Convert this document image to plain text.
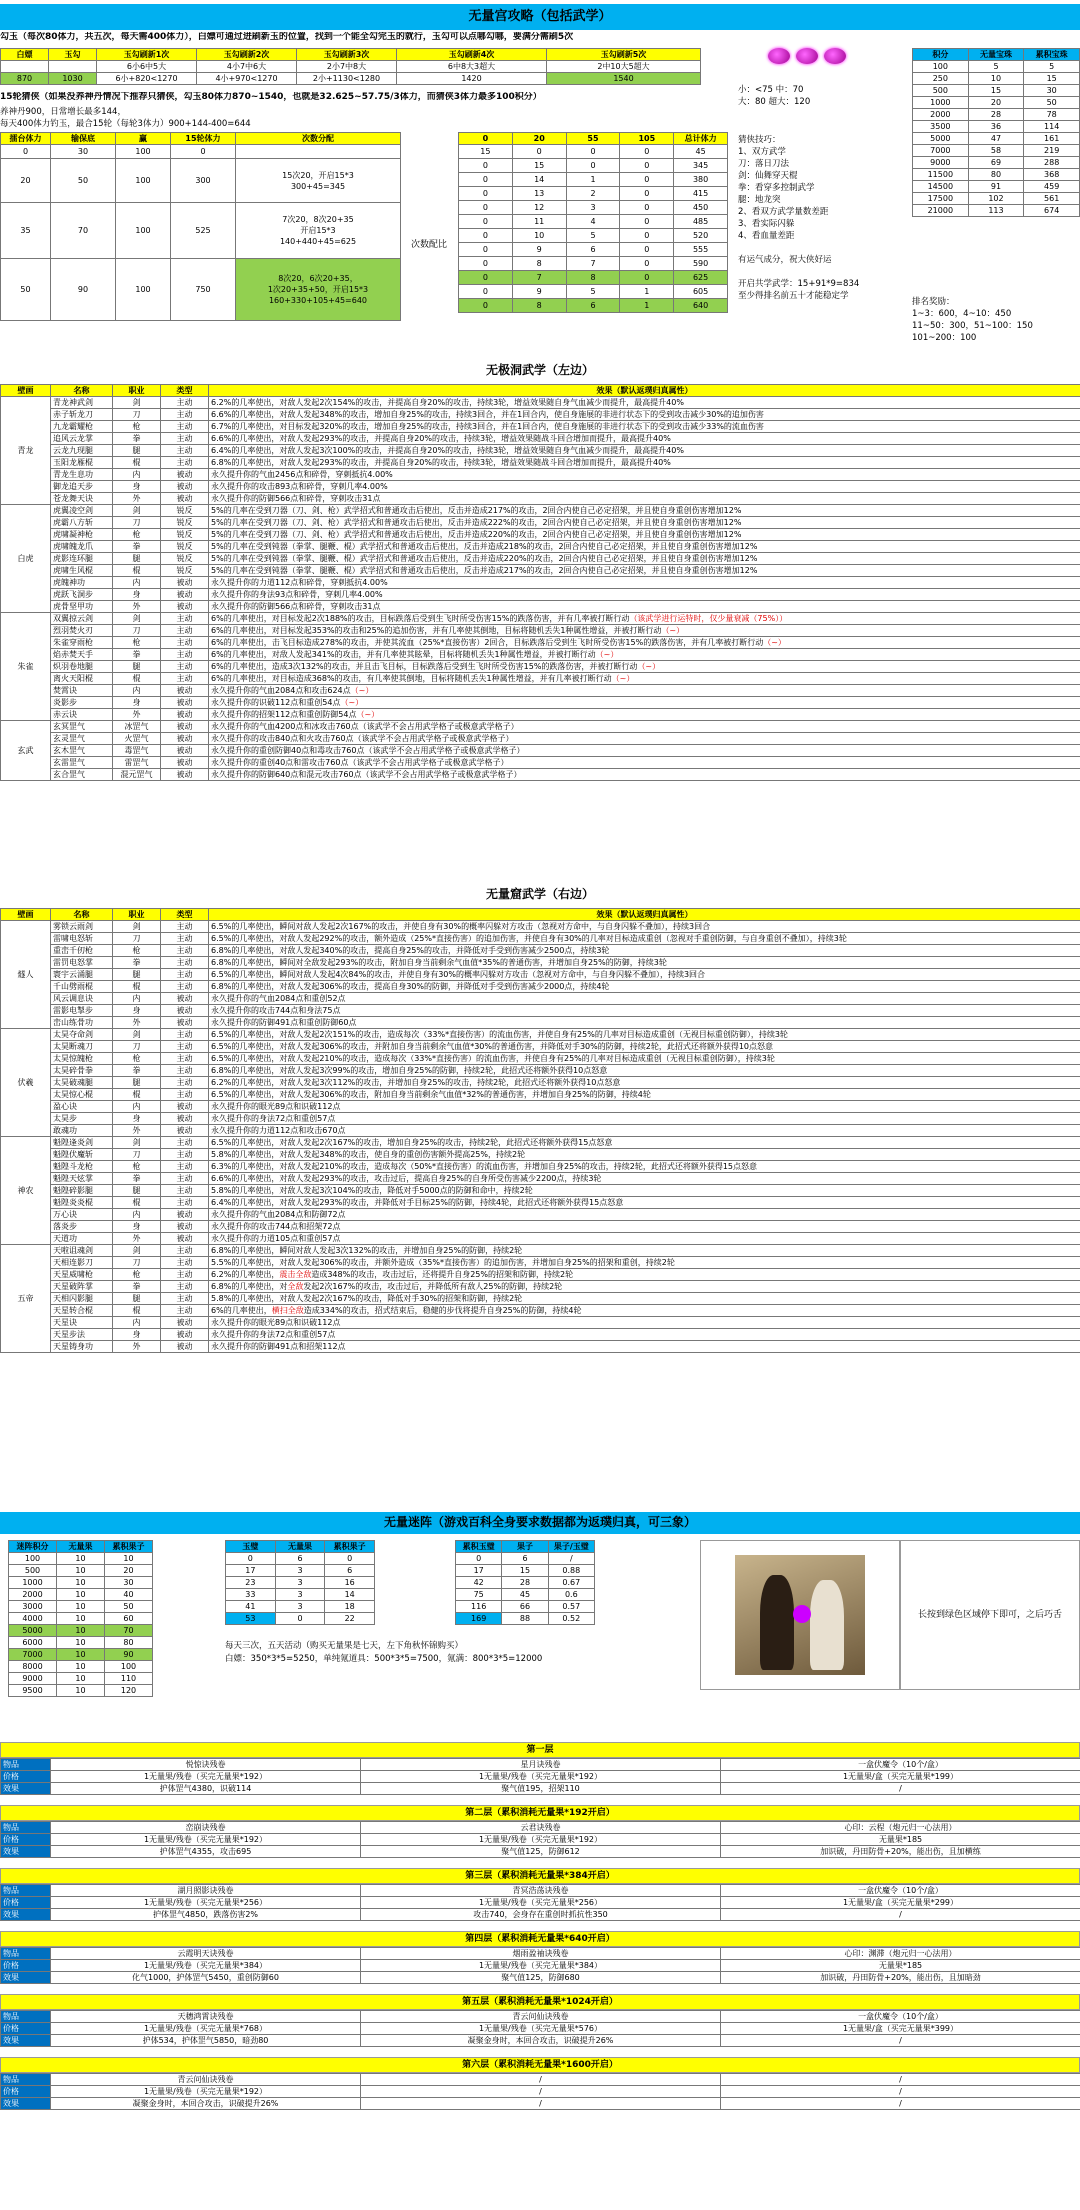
无量宫攻略（包括武学）
勾玉（每次80体力，共五次，每天需400体力），白嫖可通过进刷新玉的位置，找到一个能全勾完玉的就行，玉勾可以点哪勾哪，要满分需刷5次
白嫖	玉勾	玉勾刷新1次	玉勾刷新2次	玉勾刷新3次	玉勾刷新4次	玉勾刷新5次
		6小6中5大	4小7中6大	2小7中8大	6中8大3超大	2中10大5超大
870	1030	6小+820<1270	4小+970<1270	2小+1130<1280	1420	1540
小：<75 中：70
大：80 超大：120
积分	无量宝珠	累积宝珠
100	5	5
250	10	15
500	15	30
1000	20	50
2000	28	78
3500	36	114
5000	47	161
7000	58	219
9000	69	288
11500	80	368
14500	91	459
17500	102	561
21000	113	674
排名奖励：
1~3：600，4~10：450
11~50：300，51~100：150
101~200：100
15轮猜侠（如果没养神丹情况下推荐只猜侠，勾玉80体力870~1540，也就是32.625~57.75/3体力，而猜侠3体力最多100积分）
养神丹900，日常增长最多144，
每天400体力钓玉，最合15轮（每轮3体力）900+144-400=644
擂台体力	输保底	赢	15轮体力	次数分配
0	30	100	0	
20	50	100	300	15次20，开启15*3
300+45=345
35	70	100	525	7次20，8次20+35
开启15*3
140+440+45=625
50	90	100	750	8次20，6次20+35，
1次20+35+50，开启15*3
160+330+105+45=640
次数配比
0	20	55	105	总计体力
15	0	0	0	45
0	15	0	0	345
0	14	1	0	380
0	13	2	0	415
0	12	3	0	450
0	11	4	0	485
0	10	5	0	520
0	9	6	0	555
0	8	7	0	590
0	7	8	0	625
0	9	5	1	605
0	8	6	1	640
猜侠技巧：
1、双方武学
刀：落日刀法
剑：仙舞穿天棍
拳：看穿多控制武学
腿：地龙突
2、看双方武学量数差距
3、看实际闪躲
4、看血量差距

有运气成分，祝大侠好运

开启共学武学：15+91*9=834
至少得排名前五十才能稳定学
无极洞武学（左边）
壁画	名称	职业	类型	效果（默认返璞归真属性）
青龙	青龙神武剑	剑	主动	6.2%的几率使出，对敌人发起2次154%的攻击，并提高自身20%的攻击，持续3轮，增益效果随自身气血减少而提升，最高提升40%
	赤子斩龙刀	刀	主动	6.6%的几率使出，对敌人发起348%的攻击，增加自身25%的攻击，持续3回合，并在1回合内，使自身施展的非进行状态下的受到攻击减少30%的追加伤害
	九龙霸耀枪	枪	主动	6.7%的几率使出，对目标发起320%的攻击，增加自身25%的攻击，持续3回合，并在1回合内，使自身施展的非进行状态下的受到攻击减少33%的流血伤害
	追风云龙掌	拳	主动	6.6%的几率使出，对敌人发起293%的攻击，并提高自身20%的攻击，持续3轮，增益效果随战斗回合增加而提升，最高提升40%
	云龙九现腿	腿	主动	6.4%的几率使出，对敌人发起3次100%的攻击，并提高自身20%的攻击，持续3轮，增益效果随自身气血减少而提升，最高提升40%
	玉阳龙雁棍	棍	主动	6.8%的几率使出，对敌人发起293%的攻击，并提高自身20%的攻击，持续3轮，增益效果随战斗回合增加而提升，最高提升40%
	青龙生息功	内	被动	永久提升你的气血2456点和碎骨，穿刺抵抗4.00%
	御龙追天步	身	被动	永久提升你的攻击893点和碎骨，穿刺几率4.00%
	苍龙舞天诀	外	被动	永久提升你的防御566点和碎骨，穿刺攻击31点
白虎	虎翼凌空剑	剑	锐反	5%的几率在受到刀器（刀、剑、枪）武学招式和普通攻击后使出，反击并造成217%的攻击，2回合内使自己必定招架，并且使自身重创伤害增加12%
	虎霸八方斩	刀	锐反	5%的几率在受到刀器（刀、剑、枪）武学招式和普通攻击后使出，反击并造成222%的攻击，2回合内使自己必定招架，并且使自身重创伤害增加12%
	虎啸凝神枪	枪	锐反	5%的几率在受到刀器（刀、剑、枪）武学招式和普通攻击后使出，反击并造成220%的攻击，2回合内使自己必定招架，并且使自身重创伤害增加12%
	虎啸魄龙爪	拳	锐反	5%的几率在受到钝器（拳掌、腿鞭、棍）武学招式和普通攻击后使出，反击并造成218%的攻击，2回合内使自己必定招架，并且使自身重创伤害增加12%
	虎影连环腿	腿	锐反	5%的几率在受到钝器（拳掌、腿鞭、棍）武学招式和普通攻击后使出，反击并造成220%的攻击，2回合内使自己必定招架，并且使自身重创伤害增加12%
	虎啸生风棍	棍	锐反	5%的几率在受到钝器（拳掌、腿鞭、棍）武学招式和普通攻击后使出，反击并造成217%的攻击，2回合内使自己必定招架，并且使自身重创伤害增加12%
	虎魄神功	内	被动	永久提升你的力道112点和碎骨，穿刺抵抗4.00%
	虎跃飞洞步	身	被动	永久提升你的身法93点和碎骨，穿刺几率4.00%
	虎骨坚甲功	外	被动	永久提升你的防御566点和碎骨，穿刺攻击31点
朱雀	双翼掠云剑	剑	主动	6%的几率使出，对目标发起2次188%的攻击，目标跌落后受到生飞时所受伤害15%的跌落伤害，并有几率被打断行动（该武学进行运特时，仅少量衰减（75%））
	烈羽焚火刃	刀	主动	6%的几率使出，对目标发起353%的攻击和25%的追加伤害，并有几率使其倒地，目标将随机丢失1种属性增益，并被打断行动（~）
	朱雀穿雨枪	枪	主动	6%的几率使出，击飞目标造成278%的攻击，并使其流血（25%*直接伤害）2回合，目标跌落后受到生飞时所受伤害15%的跌落伤害，并有几率被打断行动（~）
	焰赤焚天手	拳	主动	6%的几率使出，对敌人发起341%的攻击，并有几率使其眩晕，目标将随机丢失1种属性增益，并被打断行动（~）
	炽羽卷地腿	腿	主动	6%的几率使出，造成3次132%的攻击，并且击飞目标，目标跌落后受到生飞时所受伤害15%的跌落伤害，并被打断行动（~）
	离火天阳棍	棍	主动	6%的几率使出，对目标造成368%的攻击，有几率使其倒地，目标将随机丢失1种属性增益，并有几率被打断行动（~）
	焚霄诀	内	被动	永久提升你的气血2084点和攻击624点（~）
	炎影步	身	被动	永久提升你的识破112点和重创54点（~）
	赤云诀	外	被动	永久提升你的招架112点和重创防御54点（~）
玄武	玄冥罡气	冰罡气	被动	永久提升你的气血4200点和冰攻击760点（该武学不会占用武学格子或极意武学格子）
	玄灵罡气	火罡气	被动	永久提升你的攻击840点和火攻击760点（该武学不会占用武学格子或极意武学格子）
	玄木罡气	毒罡气	被动	永久提升你的重创防御40点和毒攻击760点（该武学不会占用武学格子或极意武学格子）
	玄雷罡气	雷罡气	被动	永久提升你的重创40点和雷攻击760点（该武学不会占用武学格子或极意武学格子）
	玄合罡气	混元罡气	被动	永久提升你的防御640点和混元攻击760点（该武学不会占用武学格子或极意武学格子）
无量窟武学（右边）
壁画	名称	职业	类型	效果（默认返璞归真属性）
燧人	雾锁云雨剑	剑	主动	6.5%的几率使出，瞬间对敌人发起2次167%的攻击，并使自身有30%的概率闪躲对方攻击（忽视对方命中，与自身闪躲不叠加），持续3回合
	雷啸电怒斩	刀	主动	6.5%的几率使出，对敌人发起292%的攻击，额外造成（25%*直接伤害）的追加伤害，并使自身有30%的几率对目标造成重创（忽视对手重创防御，与自身重创不叠加），持续3轮
	重峦千仞枪	枪	主动	6.8%的几率使出，对敌人发起340%的攻击，提高自身25%的攻击，并降低对手受到伤害减少2500点，持续3轮
	雷罚电怒掌	拳	主动	6.8%的几率使出，瞬间对全敌发起293%的攻击，附加自身当前剩余气血值*35%的普通伤害，并增加自身25%的防御，持续3轮
	寰宇云涌腿	腿	主动	6.5%的几率使出，瞬间对敌人发起4次84%的攻击，并使自身有30%的概率闪躲对方攻击（忽视对方命中，与自身闪躲不叠加），持续3回合
	千山劈雨棍	棍	主动	6.8%的几率使出，对敌人发起306%的攻击，提高自身30%的防御，并降低对手受到伤害减少2000点，持续4轮
	风云调息诀	内	被动	永久提升你的气血2084点和重创52点
	雷影电掣步	身	被动	永久提升你的攻击744点和身法75点
	峦山练骨功	外	被动	永久提升你的防御491点和重创防御60点
伏羲	太昊夺命剑	剑	主动	6.5%的几率使出，对敌人发起2次151%的攻击，造成每次（33%*直接伤害）的流血伤害，并使自身有25%的几率对目标造成重创（无视目标重创防御），持续3轮
	太昊断魂刀	刀	主动	6.5%的几率使出，对敌人发起306%的攻击，并附加自身当前剩余气血值*30%的普通伤害，并降低对手30%的防御，持续2轮，此招式还将额外获得10点怒意
	太昊惊魄枪	枪	主动	6.5%的几率使出，对敌人发起210%的攻击，造成每次（33%*直接伤害）的流血伤害，并使自身有25%的几率对目标造成重创（无视目标重创防御），持续3轮
	太昊碎骨拳	拳	主动	6.8%的几率使出，对敌人发起3次99%的攻击，增加自身25%的防御，持续2轮，此招式还将额外获得10点怒意
	太昊破魂腿	腿	主动	6.2%的几率使出，对敌人发起3次112%的攻击，并增加自身25%的攻击，持续2轮，此招式还将额外获得10点怒意
	太昊惊心棍	棍	主动	6.5%的几率使出，对敌人发起306%的攻击，附加自身当前剩余气血值*32%的普通伤害，并增加自身25%的防御，持续4轮
	盈心诀	内	被动	永久提升你的眼光89点和识破112点
	太昊步	身	被动	永久提升你的身法72点和重创57点
	敢魂功	外	被动	永久提升你的力道112点和攻击670点
神农	魁隍逢炎剑	剑	主动	6.5%的几率使出，对敌人发起2次167%的攻击，增加自身25%的攻击，持续2轮，此招式还将额外获得15点怒意
	魁隍伏魔斩	刀	主动	5.8%的几率使出，对敌人发起348%的攻击，使自身的重创伤害额外提高25%，持续2轮
	魁隍斗龙枪	枪	主动	6.3%的几率使出，对敌人发起210%的攻击，造成每次（50%*直接伤害）的流血伤害，并增加自身25%的攻击，持续2轮，此招式还将额外获得15点怒意
	魁隍天炫掌	拳	主动	6.6%的几率使出，对敌人发起293%的攻击，攻击过后，提高自身25%的自身所受伤害减少2200点，持续3轮
	魁隍碎影腿	腿	主动	5.8%的几率使出，对敌人发起3次104%的攻击，降低对手5000点的防御和命中，持续2轮
	魁隍炎炎棍	棍	主动	6.4%的几率使出，对敌人发起293%的攻击，并降低对手目标25%的防御，持续4轮，此招式还将额外获得15点怒意
	万心诀	内	被动	永久提升你的气血2084点和防御72点
	落炎步	身	被动	永久提升你的攻击744点和招架72点
	天道功	外	被动	永久提升你的力道105点和重创57点
五帝	天啦诅魂剑	剑	主动	6.8%的几率使出，瞬间对敌人发起3次132%的攻击，并增加自身25%的防御，持续2轮
	天相连影刀	刀	主动	5.5%的几率使出，对敌人发起306%的攻击，并额外造成（35%*直接伤害）的追加伤害，并增加自身25%的招架和重创，持续2轮
	天星威啸枪	枪	主动	6.2%的几率使出，震击全敌造成348%的攻击，攻击过后，还将提升自身25%的招架和防御，持续2轮
	天星破阵掌	拳	主动	6.8%的几率使出，对全敌发起2次167%的攻击，攻击过后，并降低所有敌人25%的防御，持续2轮
	天相闪影腿	腿	主动	5.8%的几率使出，对敌人发起2次167%的攻击，降低对手30%的招架和防御，持续2轮
	天星转合棍	棍	主动	6%的几率使出，横扫全敌造成334%的攻击，招式结束后，稳健的步伐将提升自身25%的防御，持续4轮
	天星诀	内	被动	永久提升你的眼光89点和识破112点
	天星步法	身	被动	永久提升你的身法72点和重创57点
	天星铸身功	外	被动	永久提升你的防御491点和招架112点
无量迷阵（游戏百科全身要求数据都为返璞归真，可三象）
迷阵积分	无量果	累积果子
100	10	10
500	10	20
1000	10	30
2000	10	40
3000	10	50
4000	10	60
5000	10	70
6000	10	80
7000	10	90
8000	10	100
9000	10	110
9500	10	120
玉璧	无量果	累积果子
0	6	0
17	3	6
23	3	16
33	3	14
41	3	18
53	0	22
累积玉璧	果子	果子/玉璧
0	6	/
17	15	0.88
42	28	0.67
75	45	0.6
116	66	0.57
169	88	0.52
每天三次，五天活动（购买无量果是七天，左下角秋怀锦购买）
白嫖：350*3*5=5250，单纯氪道具：500*3*5=7500，氪满：800*3*5=12000
长按到绿色区域停下即可，之后巧舌
第一层
物品	悦惊诀残卷	星月诀残卷	一盒伏魔令（10个/盒）
价格	1无量果/残卷（买完无量果*192）	1无量果/残卷（买完无量果*192）	1无量果/盒（买完无量果*199）
效果	护体罡气4380，识破114	聚气值195，招架110	/
第二层（累积消耗无量果*192开启）
物品	峦崩诀残卷	云君诀残卷	心印：云程（炮元归一心法用）
价格	1无量果/残卷（买完无量果*192）	1无量果/残卷（买完无量果*192）	无量果*185
效果	护体罡气4355，攻击695	聚气值125，防御612	加识破，丹田防骨+20%，能出伤，且加横练
第三层（累积消耗无量果*384开启）
物品	湖月照影诀残卷	青冥浩荡诀残卷	一盒伏魔令（10个/盒）
价格	1无量果/残卷（买完无量果*256）	1无量果/残卷（买完无量果*256）	1无量果/盒（买完无量果*299）
效果	护体罡气4850，跌落伤害2%	攻击740，会身存在重创时抓抗性350	/
第四层（累积消耗无量果*640开启）
物品	云霞明天诀残卷	烟雨盈袖诀残卷	心印：渊滞（炮元归一心法用）
价格	1无量果/残卷（买完无量果*384）	1无量果/残卷（买完无量果*384）	无量果*185
效果	化气1000，护体罡气5450，重创防御60	聚气值125，防御680	加识破，丹田防骨+20%，能出伤，且加暗劲
第五层（累积消耗无量果*1024开启）
物品	天穗鸿霄诀残卷	青云问仙诀残卷	一盒伏魔令（10个/盒）
价格	1无量果/残卷（买完无量果*768）	1无量果/残卷（买完无量果*576）	1无量果/盒（买完无量果*399）
效果	护体534，护体罡气5850，暗劲80	凝聚金身时，本回合攻击，识破提升26%	/
第六层（累积消耗无量果*1600开启）
物品	青云问仙诀残卷	/	/
价格	1无量果/残卷（买完无量果*192）	/	/
效果	凝聚金身时，本回合攻击，识破提升26%	/	/
